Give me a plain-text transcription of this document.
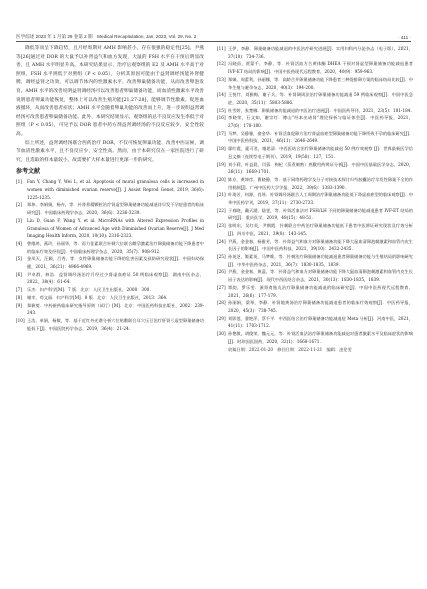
医学综述 2023 年 1 月第 29 卷第 2 期　Medical Recapitulation, Jan. 2023, Vol. 29, No. 2	· 411 ·

降低等而呈下降趋势，且月经周期对 AMH 影响甚小，存在很强的稳定性[25]。尹燕等[26]通过对 DOR 的大鼠予以补肾益气和血方发现，大鼠的 FSH 水平在干预后明显改善，且 AMH 水平明显升高。本研究结果显示，治疗后观察组的 E2 及 AMH 水平高于对照组，FSH 水平则低于对照组（P < 0.05），分析其原因可能由于益肾调经汤能补肾健脾，调经益肾之功效，可以调节体内的性激素水平，改善卵巢储备功能，从而改善卵泡发育。AMH 水平的改善说明益肾调经汤可以改善患者卵巢储备功能，而血清性激素水平改善说明患者卵巢功能恢复，整体上可以改善生殖功能[21,27-28]，能够调节性激素、促进血液循环，从而改善患者症状；AMH 水平会随着卵巢功能的改善而上升，进一步说明益肾调经汤可改善患者卵巢储备功能。此外，本研究结果显示，观察组的总不良反应发生率低于对照组（P < 0.05），可见予以 DOR 患者中药方剂益肾调经汤的不良反应较少，安全性较高。

综上所述，益肾调经汤联合西药治疗 DOR，不仅可恢复卵巢功能、改善中医证候，调节血清性激素水平，且不良反应少，安全性高。然而，由于本研究仅在一家医院进行了研究，且选取的样本量较小，故需要扩大样本量进行更深一步的研究。

参考文献
[1]	Fan Y, Chang Y, Wei L, et al. Apoptosis of mural granulosa cells is increased in women with diminished ovarian reserve[J]. J Assist Reprod Genet, 2019, 36(6): 1225-1235.
[2]	郑炜，李娟娟，杨卉，等．补肾养精颗粒治疗肾虚型卵巢储备功能减退伴早发不孕症患者的临床研究[J]．中国临床药理学杂志，2020，36(6)：3236-3239.
[3]	Liu D, Guan F, Wang Y, et al. MicroRNAs with Altered Expression Profiles in Granulosa of Women of Advanced Age with Diminished Ovarian Reserve[J]. J Med Imaging Health Inform, 2020, 10(10): 2316-2323.
[4]	曾维鸿，燕玲，孙丽华，等．再力佳素联合针刺穴位联合雌孕激素治疗卵巢储备功能下降患者中的临床疗效及经验[J]．中国临床药理学杂志，2020，35(7)：908-912.
[5]	金凤天，汪颖，吕秀，等．女性卵巢储备功能下降的危害因素及预防研究现状[J]．中国妇幼保健，2021，36(21)：4966-4969.
[6]	尹卓群，林浩．益肾调经汤治疗月经过少肾虚血瘀证 50 例临床观察[J]．湖南中医杂志，2022，38(4)：61-64.
[7]	乐杰．妇产科学[M]．7 版．北京：人民卫生出版社，2008：300.
[8]	谢幸，苟文丽．妇产科学[M]．8 版．北京：人民卫生出版社，2013：364.
[9]	郑筱萸．中药新药临床研究指导原则（试行）[M]．北京：中国医药科技出版社，2002：239-243.
[10] 王浩，单娟，杨敏，等．基于近红外光谱分析穴位贴敷联合耳穴压豆治疗肝肾亏虚型卵巢储备功能低下[J]．中国医院药学杂志，2019，36(4)：21-24.
[11] 王伊，李静．卵巢储备功能减退的中医治疗研究进展[J]．实用妇科内分泌杂志（电子版），2021，37(10)：734-736.
[12] 冯晓苗，贾蒙千，李静，等．补肾活血方合黄体酮 DHEA 干预对肾虚型卵巢储备功能减退患者 IVF-ET 结局的影响[J]．中国中医药现代远程教育，2020，40(9)：959-963.
[13] 郑娣，周蕾利，孙丽娜，等．高龄合并卵巢储备功能下降患者三种促排卵方案的临床结局比较[J]．中华生殖与避孕杂志，2020，40(3)：194-200.
[14] 王悦竹，刘雅梅，谢子兵，等．补肾调周法治疗卵巢储备功能减退 59 例临床观察[J]．中国中医急症，2020，35(11)：5803-5886.
[15] 杜雪婷，张楚娜．卵巢储备功能减退的中医治疗进展[J]．中国医药导刊，2021，23(5)：181-184.
[16] 李晓荣，石文知，谢宗红．傅山"经本出诸肾"理论探析与临证体会[J]．中医药导报，2021，27(6)：178-180.
[17] 马梦，吴静雅，俞金华．补肾活血促卵方治疗肾虚血瘀型卵巢储备功能下降所致不孕的临床研究[J]．中国中医药科技，2021，46(11)：2646-2649.
[18] 廖红霞，霍可君，谢思清．中西医结合治疗卵巢储备功能减退 50 例疗效观察 [J]．世界最新医学信息文摘（连续型电子期刊），2019，19(58)：127，151.
[19] 刘小莉，叶益晨，闫蓉．枸杞（蒸煮制熟）热敷用药辨证分析[J]．中国中医基础医学杂志，2020，26(11)：1669-1701.
[20] 陈京，黄坤彦，曹晓静，等．基于网络药理学及分子对接技术探讨归芍胶囊治疗早发性卵巢不全的作用机制[J]．广州中医药大学学报，2022，39(6)：1383-1390.
[21] 叶琦芳，何源，肖瑶．补肾调经汤联合人工周期治疗卵巢储备功能低下肾虚血瘀型的临床观察[J]．中华中医药学刊，2019，37(11)：2730-2733.
[22] 于春晓，戴天涵，陆雯，等．补肾活血法对 FSH/LH 不同的卵巢储备功能减退患者 IVF-ET 结局的研究[J]．重庆医学，2019，48(15)：48-51.
[23] 张明东，吴红英，尹朝霞．针刺联合中药治疗卵巢储备功能低下患者中医辨证研究现状及疗效分析[J]．四川中医，2021，39(8)：143-145.
[24] 尹燕，金金春，杨雅芳，等．补肾益气和血方对卵巢储备功能下降大鼠血清卵泡刺激素和血管内皮生长因子的影响[J]．中国中医药科技，2021，39(10)：2432-2435.
[25] 孙英芝，姬素英，马梦维，等．针刺治疗卵巢储备功能减退患者卵巢储备功能与生殖结局的影响研究[J]．中华中医药杂志，2021，36(7)：1830-1835，1839.
[26] 尹燕，金金春，黄蕊，等．补肾益气和血方对卵巢储备功能下降大鼠血清卵泡刺激素和血管内皮生长因子表达的影响[J]．现代中西医结合杂志，2021，30(13)：1830-1835，1839.
[27] 覃韵，罗乐雯．滋肾育胎丸治疗卵巢储备功能减退的临床研究[J]．中国中医药现代远程教育，2021，26(6)：177-179.
[28] 孙丽娟，梁琴，李静．补肾地黄汤治疗卵巢储备功能减退患者的临床疗效观察[J]．中医药导报，2020，45(3)：738-745.
[29] 刘影莲，曹艳萍，蔡千平．中西医结合治疗卵巢储备功能减退症 Meta 分析[J]．河南中医，2021，41(11)：1703-1712.
[30] 孙艳敏，胡俊荣，魏元元，等．补肾活血法治疗卵巢储备功能减退对患者激素水平及临床症状的影响[J]．时珍国医国药，2020，32(1)：1668-1671.
收稿日期：2022-01-20　修回日期：2022-11-21　编辑：凌伦雯
